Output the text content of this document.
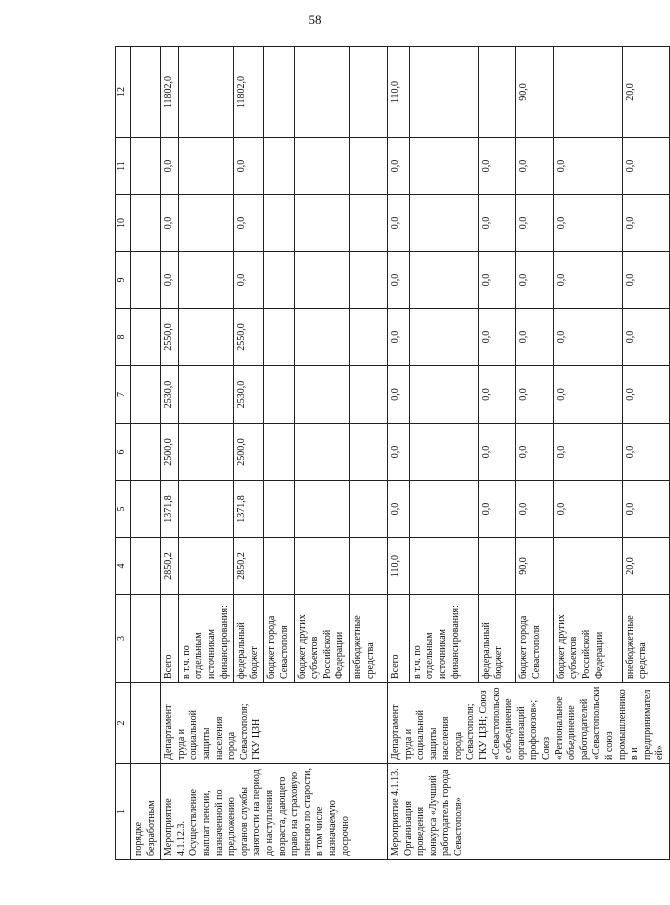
58
1	2	3	4	5	6	7	8	9	10	11	12
порядке безработным											
Мероприятие 4.1.12.3. Осуществление выплат пенсии, назначенной по предложению органов службы занятости на период до наступления возраста, дающего право на страховую пенсию по старости, в том числе назначаемую досрочно	Департамент труда и социальной защиты населения города Севастополя; ГКУ ЦЗН	Всего	2850,2	1371,8	2500,0	2530,0	2550,0	0,0	0,0	0,0	11802,0
		в т.ч. по отдельным источникам финансирования:									
		федеральный бюджет	2850,2	1371,8	2500,0	2530,0	2550,0	0,0	0,0	0,0	11802,0
		бюджет города Севастополя									
		бюджет других субъектов Российской Федерации									
		внебюджетные средства									
Мероприятие 4.1.13. Организация проведения конкурса «Лучший работодатель города Севастополя»	Департамент труда и социальной защиты населения города Севастополя; ГКУ ЦЗН; Союз «Севастопольское объединение организаций профсоюзов»; Союз «Региональное объединение работодателей «Севастопольский союз промышленников и предпринимателей»	Всего	110,0	0,0	0,0	0,0	0,0	0,0	0,0	0,0	110,0
		в т.ч. по отдельным источникам финансирования:									
		федеральный бюджет		0,0	0,0	0,0	0,0	0,0	0,0	0,0	
		бюджет города Севастополя	90,0	0,0	0,0	0,0	0,0	0,0	0,0	0,0	90,0
		бюджет других субъектов Российской Федерации		0,0	0,0	0,0	0,0	0,0	0,0	0,0	
		внебюджетные средства	20,0	0,0	0,0	0,0	0,0	0,0	0,0	0,0	20,0
